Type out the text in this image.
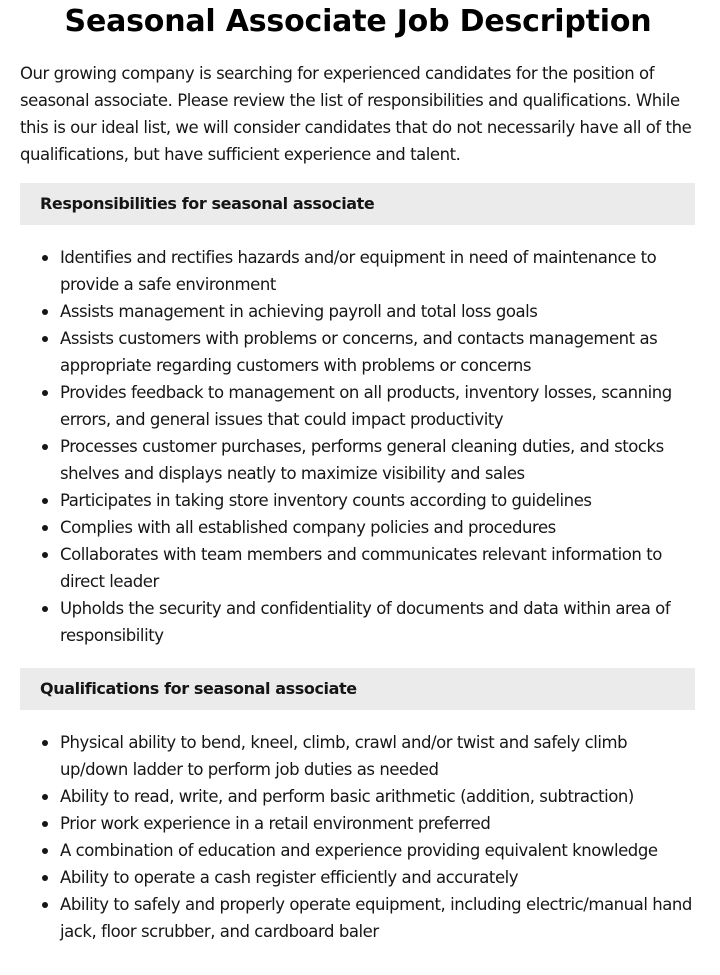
Seasonal Associate Job Description

Our growing company is searching for experienced candidates for the position of seasonal associate. Please review the list of responsibilities and qualifications. While this is our ideal list, we will consider candidates that do not necessarily have all of the qualifications, but have sufficient experience and talent.

Responsibilities for seasonal associate
Identifies and rectifies hazards and/or equipment in need of maintenance to provide a safe environment
Assists management in achieving payroll and total loss goals
Assists customers with problems or concerns, and contacts management as appropriate regarding customers with problems or concerns
Provides feedback to management on all products, inventory losses, scanning errors, and general issues that could impact productivity
Processes customer purchases, performs general cleaning duties, and stocks shelves and displays neatly to maximize visibility and sales
Participates in taking store inventory counts according to guidelines
Complies with all established company policies and procedures
Collaborates with team members and communicates relevant information to direct leader
Upholds the security and confidentiality of documents and data within area of responsibility
Qualifications for seasonal associate
Physical ability to bend, kneel, climb, crawl and/or twist and safely climb up/down ladder to perform job duties as needed
Ability to read, write, and perform basic arithmetic (addition, subtraction)
Prior work experience in a retail environment preferred
A combination of education and experience providing equivalent knowledge
Ability to operate a cash register efficiently and accurately
Ability to safely and properly operate equipment, including electric/manual hand jack, floor scrubber, and cardboard baler
